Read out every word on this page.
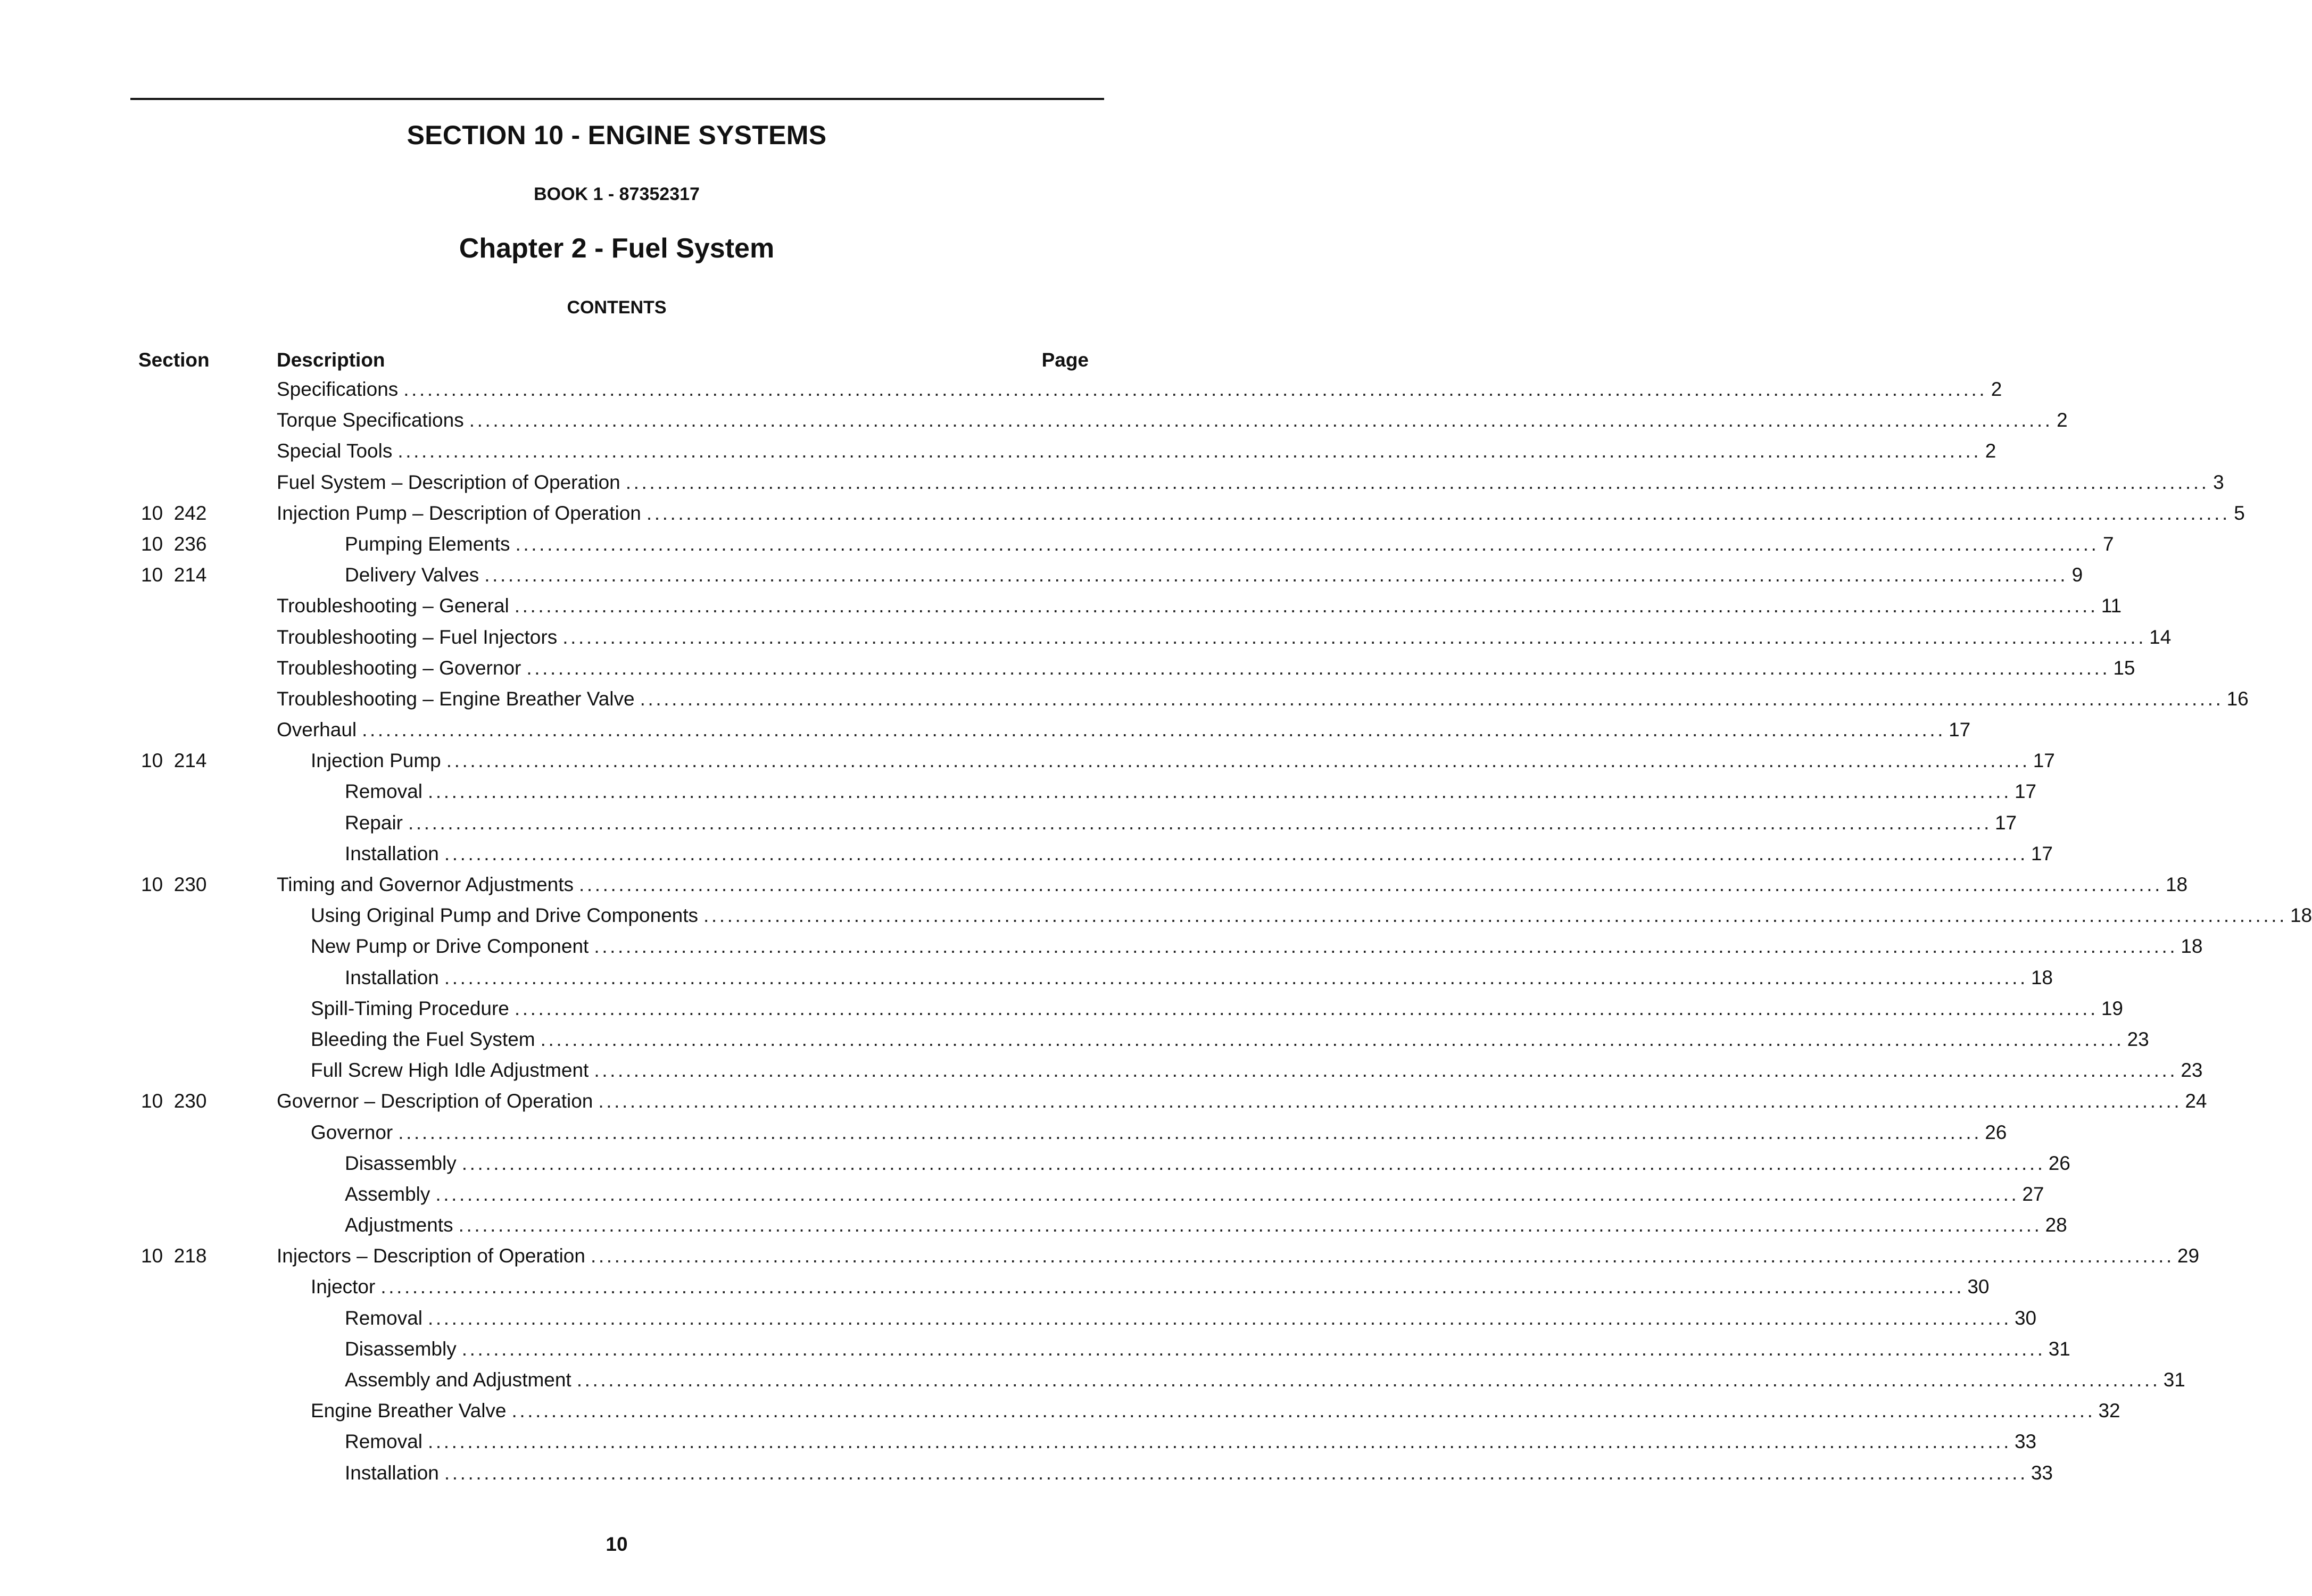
SECTION 10 - ENGINE SYSTEMS
BOOK 1 - 87352317
Chapter 2 - Fuel System
CONTENTS
Section	Description	Page
Specifications ........................................................................................................................................................................................................ 2
Torque Specifications ........................................................................................................................................................................................................ 2
Special Tools ........................................................................................................................................................................................................ 2
Fuel System – Description of Operation ........................................................................................................................................................................................................ 3
10  242	Injection Pump – Description of Operation ........................................................................................................................................................................................................ 5
10  236	Pumping Elements ........................................................................................................................................................................................................ 7
10  214	Delivery Valves ........................................................................................................................................................................................................ 9
Troubleshooting – General ........................................................................................................................................................................................................ 11
Troubleshooting – Fuel Injectors ........................................................................................................................................................................................................ 14
Troubleshooting – Governor ........................................................................................................................................................................................................ 15
Troubleshooting – Engine Breather Valve ........................................................................................................................................................................................................ 16
Overhaul ........................................................................................................................................................................................................ 17
10  214	Injection Pump ........................................................................................................................................................................................................ 17
Removal ........................................................................................................................................................................................................ 17
Repair ........................................................................................................................................................................................................ 17
Installation ........................................................................................................................................................................................................ 17
10  230	Timing and Governor Adjustments ........................................................................................................................................................................................................ 18
Using Original Pump and Drive Components ........................................................................................................................................................................................................ 18
New Pump or Drive Component ........................................................................................................................................................................................................ 18
Installation ........................................................................................................................................................................................................ 18
Spill-Timing Procedure ........................................................................................................................................................................................................ 19
Bleeding the Fuel System ........................................................................................................................................................................................................ 23
Full Screw High Idle Adjustment ........................................................................................................................................................................................................ 23
10  230	Governor – Description of Operation ........................................................................................................................................................................................................ 24
Governor ........................................................................................................................................................................................................ 26
Disassembly ........................................................................................................................................................................................................ 26
Assembly ........................................................................................................................................................................................................ 27
Adjustments ........................................................................................................................................................................................................ 28
10  218	Injectors – Description of Operation ........................................................................................................................................................................................................ 29
Injector ........................................................................................................................................................................................................ 30
Removal ........................................................................................................................................................................................................ 30
Disassembly ........................................................................................................................................................................................................ 31
Assembly and Adjustment ........................................................................................................................................................................................................ 31
Engine Breather Valve ........................................................................................................................................................................................................ 32
Removal ........................................................................................................................................................................................................ 33
Installation ........................................................................................................................................................................................................ 33
10
